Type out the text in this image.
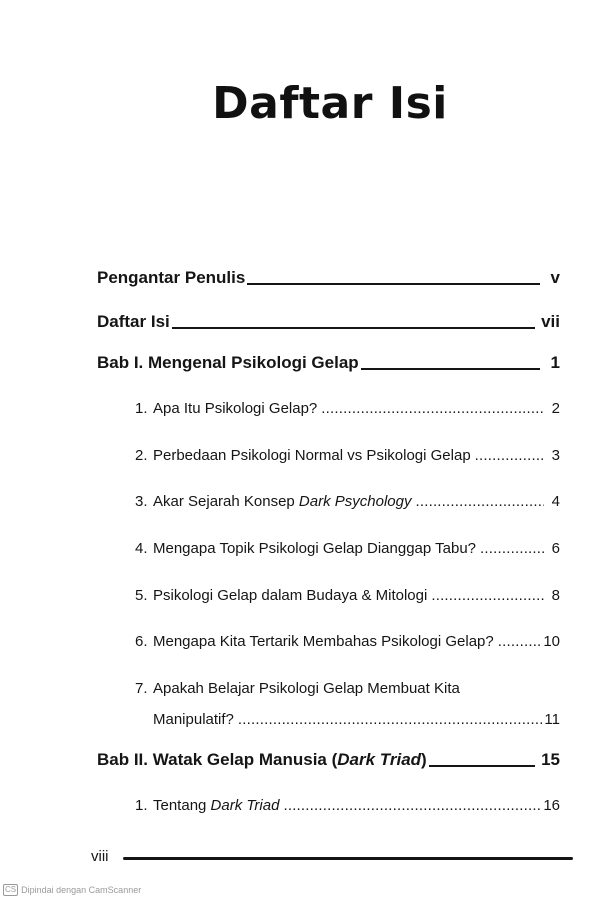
Daftar Isi
Pengantar Penulis	v
Daftar Isi	vii
Bab I. Mengenal Psikologi Gelap	1
1. Apa Itu Psikologi Gelap? .....	2
2. Perbedaan Psikologi Normal vs Psikologi Gelap .....	3
3. Akar Sejarah Konsep Dark Psychology .....	4
4. Mengapa Topik Psikologi Gelap Dianggap Tabu? .....	6
5. Psikologi Gelap dalam Budaya & Mitologi .....	8
6. Mengapa Kita Tertarik Membahas Psikologi Gelap? .....	10
7. Apakah Belajar Psikologi Gelap Membuat Kita
Manipulatif? .....	11
Bab II. Watak Gelap Manusia (Dark Triad)	15
1. Tentang Dark Triad .....	16
viii
CS Dipindai dengan CamScanner
